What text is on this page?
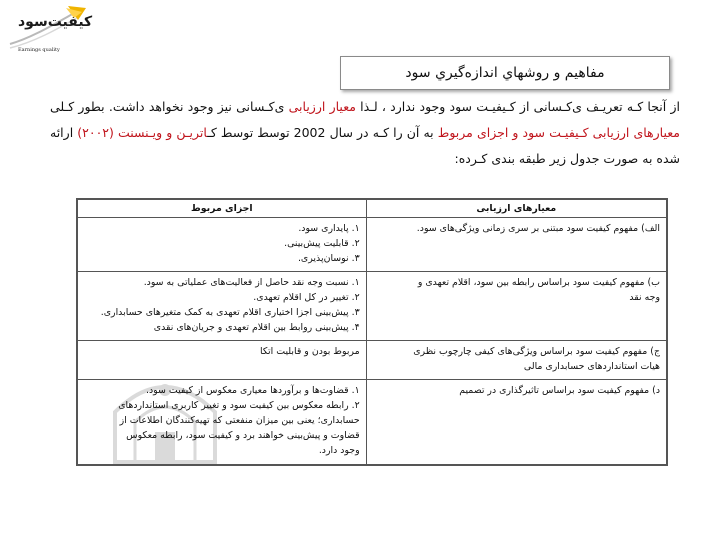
کیفیت‌سود
Earnings quality
مفاهيم و روشهاي اندازه‌گيري سود

از آنجا کـه تعریـف ی‌کـسانی از کـیفیـت سود وجود ندارد ، لـذا معیار ارزیابی ی‌کـسانی نیز وجود نخواهد داشت. بطور کـلی معیارهای ارزیابی کـیفیـت سود و اجزای مربوط به آن را کـه در سال 2002 توسط توسط کـاتریـن و ویـنسنت (۲۰۰۲) ارائه شده به صورت جدول زیر طبقه بندی کـرده:

معیارهای ارزیابی	اجزای مربوط

الف) مفهوم کیفیت سود مبتنی بر سری زمانی ویژگی‌های سود.	۱. پایداری سود.
۲. قابلیت پیش‌بینی.
۳. نوسان‌پذیری.

ب) مفهوم کیفیت سود براساس رابطه بین سود، اقلام تعهدی و
وجه نقد	۱. نسبت وجه نقد حاصل از فعالیت‌های عملیاتی به سود.
۲. تغییر در کل اقلام تعهدی.
۳. پیش‌بینی اجزا اختیاری اقلام تعهدی به کمک متغیرهای حسابداری.
۴. پیش‌بینی روابط بین اقلام تعهدی و جریان‌های نقدی

ج) مفهوم کیفیت سود براساس ویژگی‌های کیفی چارچوب نظری
هیات استانداردهای حسابداری مالی	مربوط بودن و قابلیت اتکا

د) مفهوم کیفیت سود براساس تاثیرگذاری در تصمیم	۱. قضاوت‌ها و برآوردها معیاری معکوس از کیفیت سود.
۲. رابطه معکوس بین کیفیت سود و تغییر کاربری استانداردهای
حسابداری؛ یعنی بین میزان منفعتی که تهیه‌کنندگان اطلاعات از
قضاوت و پیش‌بینی خواهند برد و کیفیت سود، رابطه معکوس
وجود دارد.
